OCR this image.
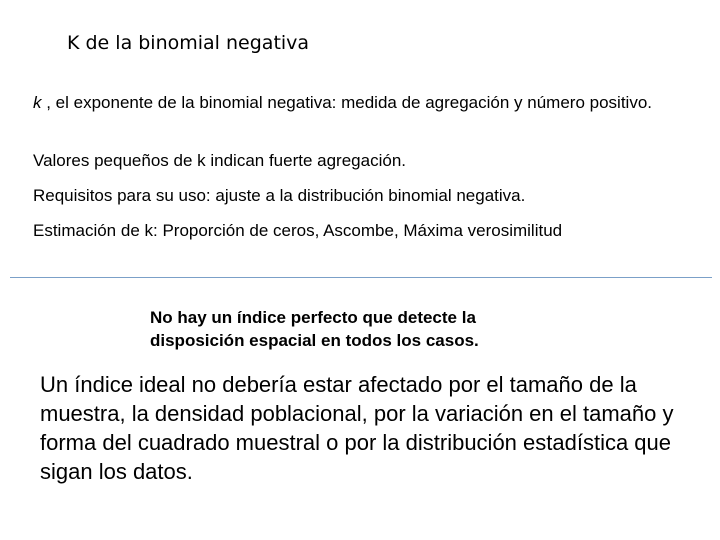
K de la binomial negativa

k , el exponente de la binomial negativa: medida de agregación y número positivo.

Valores pequeños de k indican fuerte agregación.

Requisitos para su uso: ajuste a la distribución binomial negativa.

Estimación de k: Proporción de ceros, Ascombe, Máxima verosimilitud

No hay un índice perfecto que detecte la disposición espacial en todos los casos.

Un índice ideal no debería estar afectado por el tamaño de la muestra, la densidad poblacional, por la variación en el tamaño y forma del cuadrado muestral o por la distribución estadística que sigan los datos.
